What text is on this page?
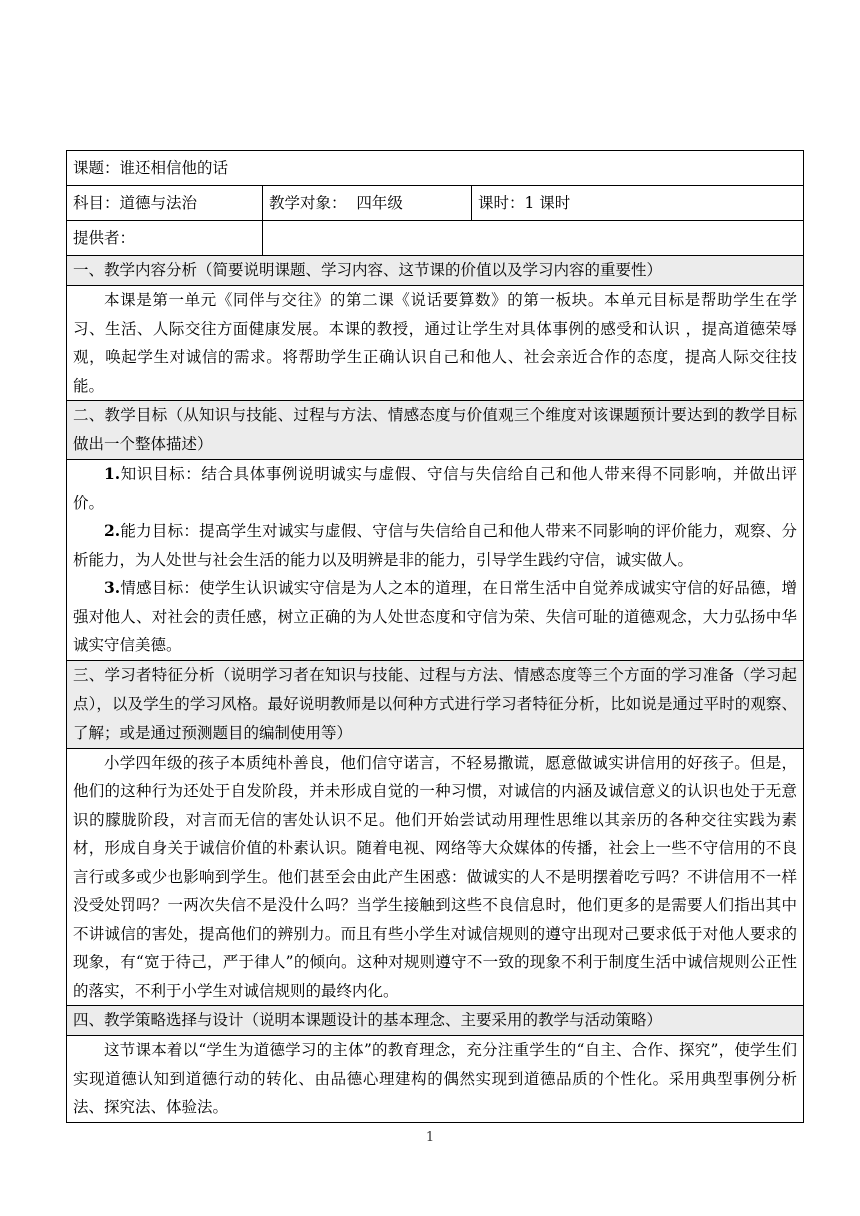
课题：谁还相信他的话		
科目：道德与法治	教学对象： 四年级	课时：1 课时
提供者：		

一、教学内容分析（简要说明课题、学习内容、这节课的价值以及学习内容的重要性）		

本课是第一单元《同伴与交往》的第二课《说话要算数》的第一板块。本单元目标是帮助学生在学习、生活、人际交往方面健康发展。本课的教授，通过让学生对具体事例的感受和认识 ，提高道德荣辱观，唤起学生对诚信的需求。将帮助学生正确认识自己和他人、社会亲近合作的态度，提高人际交往技能。		

二、教学目标（从知识与技能、过程与方法、情感态度与价值观三个维度对该课题预计要达到的教学目标做出一个整体描述）		

1.知识目标：结合具体事例说明诚实与虚假、守信与失信给自己和他人带来得不同影响，并做出评价。

2.能力目标：提高学生对诚实与虚假、守信与失信给自己和他人带来不同影响的评价能力，观察、分析能力，为人处世与社会生活的能力以及明辨是非的能力，引导学生践约守信，诚实做人。

3.情感目标：使学生认识诚实守信是为人之本的道理，在日常生活中自觉养成诚实守信的好品德，增强对他人、对社会的责任感，树立正确的为人处世态度和守信为荣、失信可耻的道德观念，大力弘扬中华诚实守信美德。		

三、学习者特征分析（说明学习者在知识与技能、过程与方法、情感态度等三个方面的学习准备（学习起点），以及学生的学习风格。最好说明教师是以何种方式进行学习者特征分析，比如说是通过平时的观察、了解；或是通过预测题目的编制使用等）		

小学四年级的孩子本质纯朴善良，他们信守诺言，不轻易撒谎，愿意做诚实讲信用的好孩子。但是，他们的这种行为还处于自发阶段，并未形成自觉的一种习惯，对诚信的内涵及诚信意义的认识也处于无意识的朦胧阶段，对言而无信的害处认识不足。他们开始尝试动用理性思维以其亲历的各种交往实践为素材，形成自身关于诚信价值的朴素认识。随着电视、网络等大众媒体的传播，社会上一些不守信用的不良言行或多或少也影响到学生。他们甚至会由此产生困惑：做诚实的人不是明摆着吃亏吗？不讲信用不一样没受处罚吗？一两次失信不是没什么吗？当学生接触到这些不良信息时，他们更多的是需要人们指出其中不讲诚信的害处，提高他们的辨别力。而且有些小学生对诚信规则的遵守出现对己要求低于对他人要求的现象，有“宽于待己，严于律人”的倾向。这种对规则遵守不一致的现象不利于制度生活中诚信规则公正性的落实，不利于小学生对诚信规则的最终内化。		

四、教学策略选择与设计（说明本课题设计的基本理念、主要采用的教学与活动策略）		

这节课本着以“学生为道德学习的主体”的教育理念，充分注重学生的“自主、合作、探究”，使学生们实现道德认知到道德行动的转化、由品德心理建构的偶然实现到道德品质的个性化。采用典型事例分析法、探究法、体验法。		

1
